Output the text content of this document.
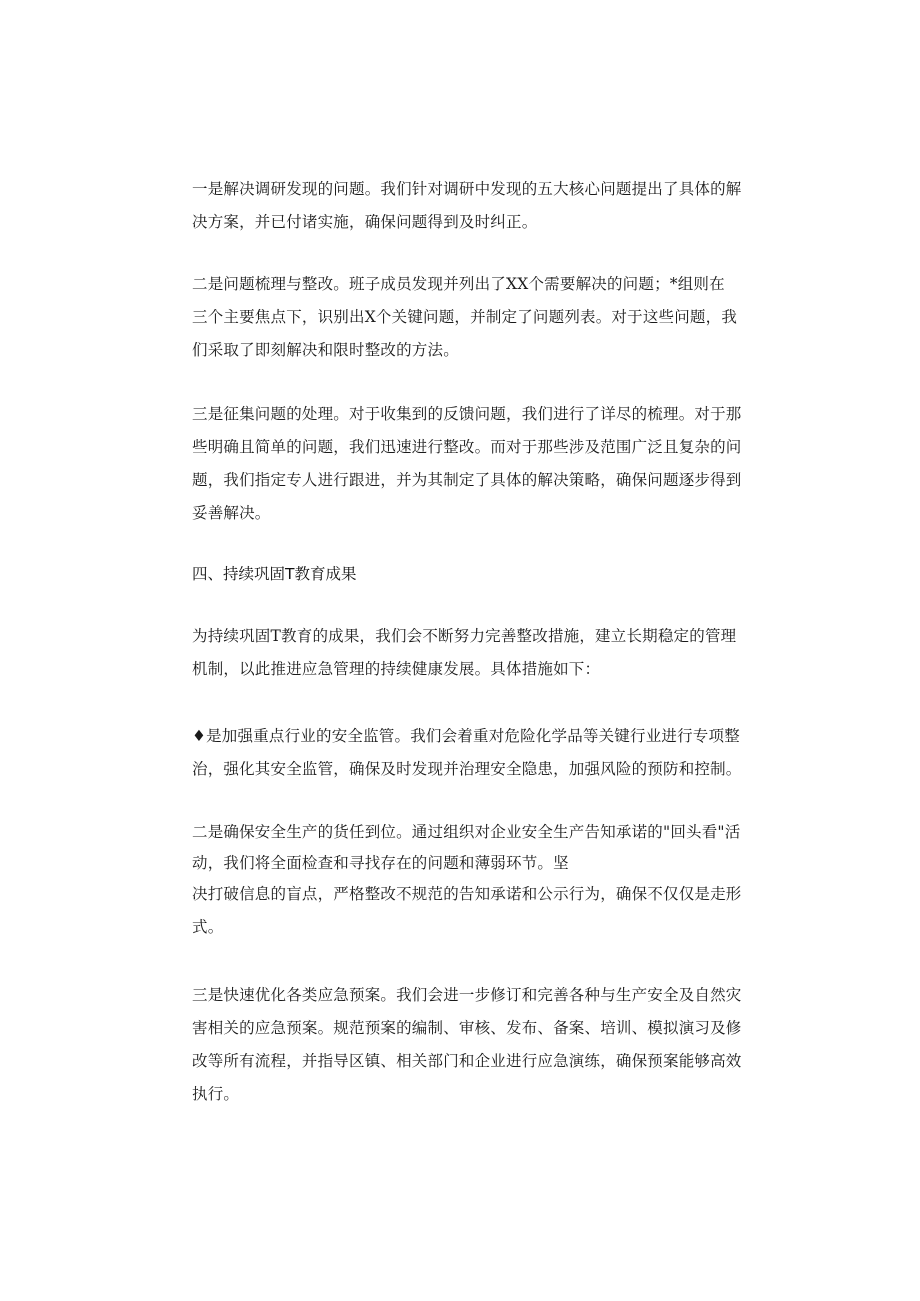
一是解决调研发现的问题。我们针对调研中发现的五大核心问题提出了具体的解
决方案，并已付诸实施，确保问题得到及时纠正。
二是问题梳理与整改。班子成员发现并列出了XX个需要解决的问题；*组则在
三个主要焦点下，识别出X个关键问题，并制定了问题列表。对于这些问题，我
们采取了即刻解决和限时整改的方法。
三是征集问题的处理。对于收集到的反馈问题，我们进行了详尽的梳理。对于那
些明确且简单的问题，我们迅速进行整改。而对于那些涉及范围广泛且复杂的问
题，我们指定专人进行跟进，并为其制定了具体的解决策略，确保问题逐步得到
妥善解决。
四、持续巩固T教育成果
为持续巩固T教育的成果，我们会不断努力完善整改措施，建立长期稳定的管理
机制，以此推进应急管理的持续健康发展。具体措施如下：
♦是加强重点行业的安全监管。我们会着重对危险化学品等关键行业进行专项整
治，强化其安全监管，确保及时发现并治理安全隐患，加强风险的预防和控制。
二是确保安全生产的货任到位。通过组织对企业安全生产告知承诺的"回头看"活
动，我们将全面检查和寻找存在的问题和薄弱环节。坚
决打破信息的盲点，严格整改不规范的告知承诺和公示行为，确保不仅仅是走形
式。
三是快速优化各类应急预案。我们会进一步修订和完善各种与生产安全及自然灾
害相关的应急预案。规范预案的编制、审核、发布、备案、培训、模拟演习及修
改等所有流程，并指导区镇、相关部门和企业进行应急演练，确保预案能够高效
执行。
